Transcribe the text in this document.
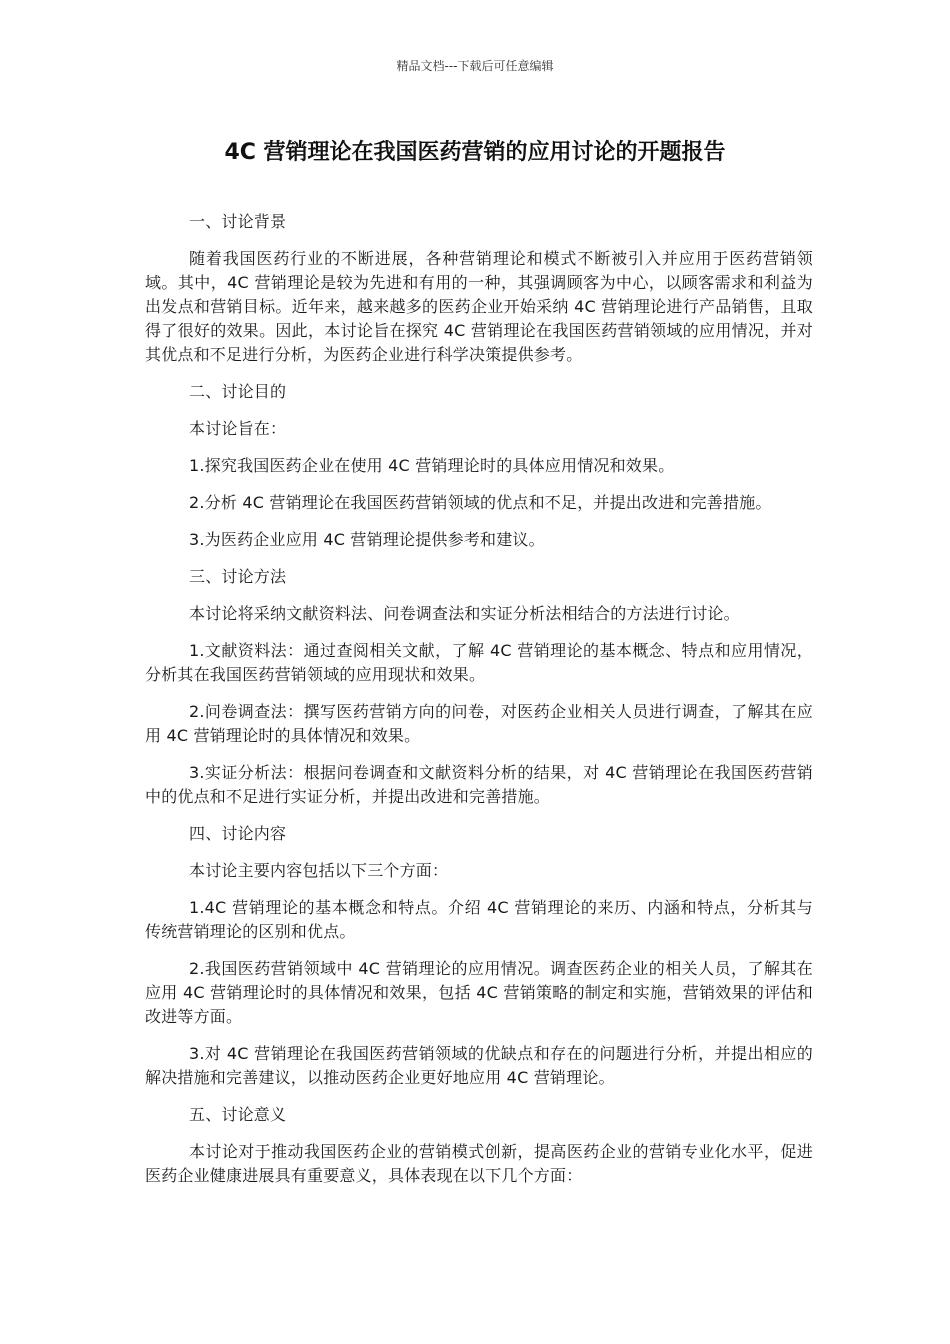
精品文档---下载后可任意编辑
4C 营销理论在我国医药营销的应用讨论的开题报告

一、讨论背景

随着我国医药行业的不断进展，各种营销理论和模式不断被引入并应用于医药营销领域。其中，4C 营销理论是较为先进和有用的一种，其强调顾客为中心，以顾客需求和利益为出发点和营销目标。近年来，越来越多的医药企业开始采纳 4C 营销理论进行产品销售，且取得了很好的效果。因此，本讨论旨在探究 4C 营销理论在我国医药营销领域的应用情况，并对其优点和不足进行分析，为医药企业进行科学决策提供参考。

二、讨论目的

本讨论旨在：

1.探究我国医药企业在使用 4C 营销理论时的具体应用情况和效果。

2.分析 4C 营销理论在我国医药营销领域的优点和不足，并提出改进和完善措施。

3.为医药企业应用 4C 营销理论提供参考和建议。

三、讨论方法

本讨论将采纳文献资料法、问卷调查法和实证分析法相结合的方法进行讨论。

1.文献资料法：通过查阅相关文献，了解 4C 营销理论的基本概念、特点和应用情况，分析其在我国医药营销领域的应用现状和效果。

2.问卷调查法：撰写医药营销方向的问卷，对医药企业相关人员进行调查，了解其在应用 4C 营销理论时的具体情况和效果。

3.实证分析法：根据问卷调查和文献资料分析的结果，对 4C 营销理论在我国医药营销中的优点和不足进行实证分析，并提出改进和完善措施。

四、讨论内容

本讨论主要内容包括以下三个方面：

1.4C 营销理论的基本概念和特点。介绍 4C 营销理论的来历、内涵和特点，分析其与传统营销理论的区别和优点。

2.我国医药营销领域中 4C 营销理论的应用情况。调查医药企业的相关人员，了解其在应用 4C 营销理论时的具体情况和效果，包括 4C 营销策略的制定和实施，营销效果的评估和改进等方面。

3.对 4C 营销理论在我国医药营销领域的优缺点和存在的问题进行分析，并提出相应的解决措施和完善建议，以推动医药企业更好地应用 4C 营销理论。

五、讨论意义

本讨论对于推动我国医药企业的营销模式创新，提高医药企业的营销专业化水平，促进医药企业健康进展具有重要意义，具体表现在以下几个方面：
